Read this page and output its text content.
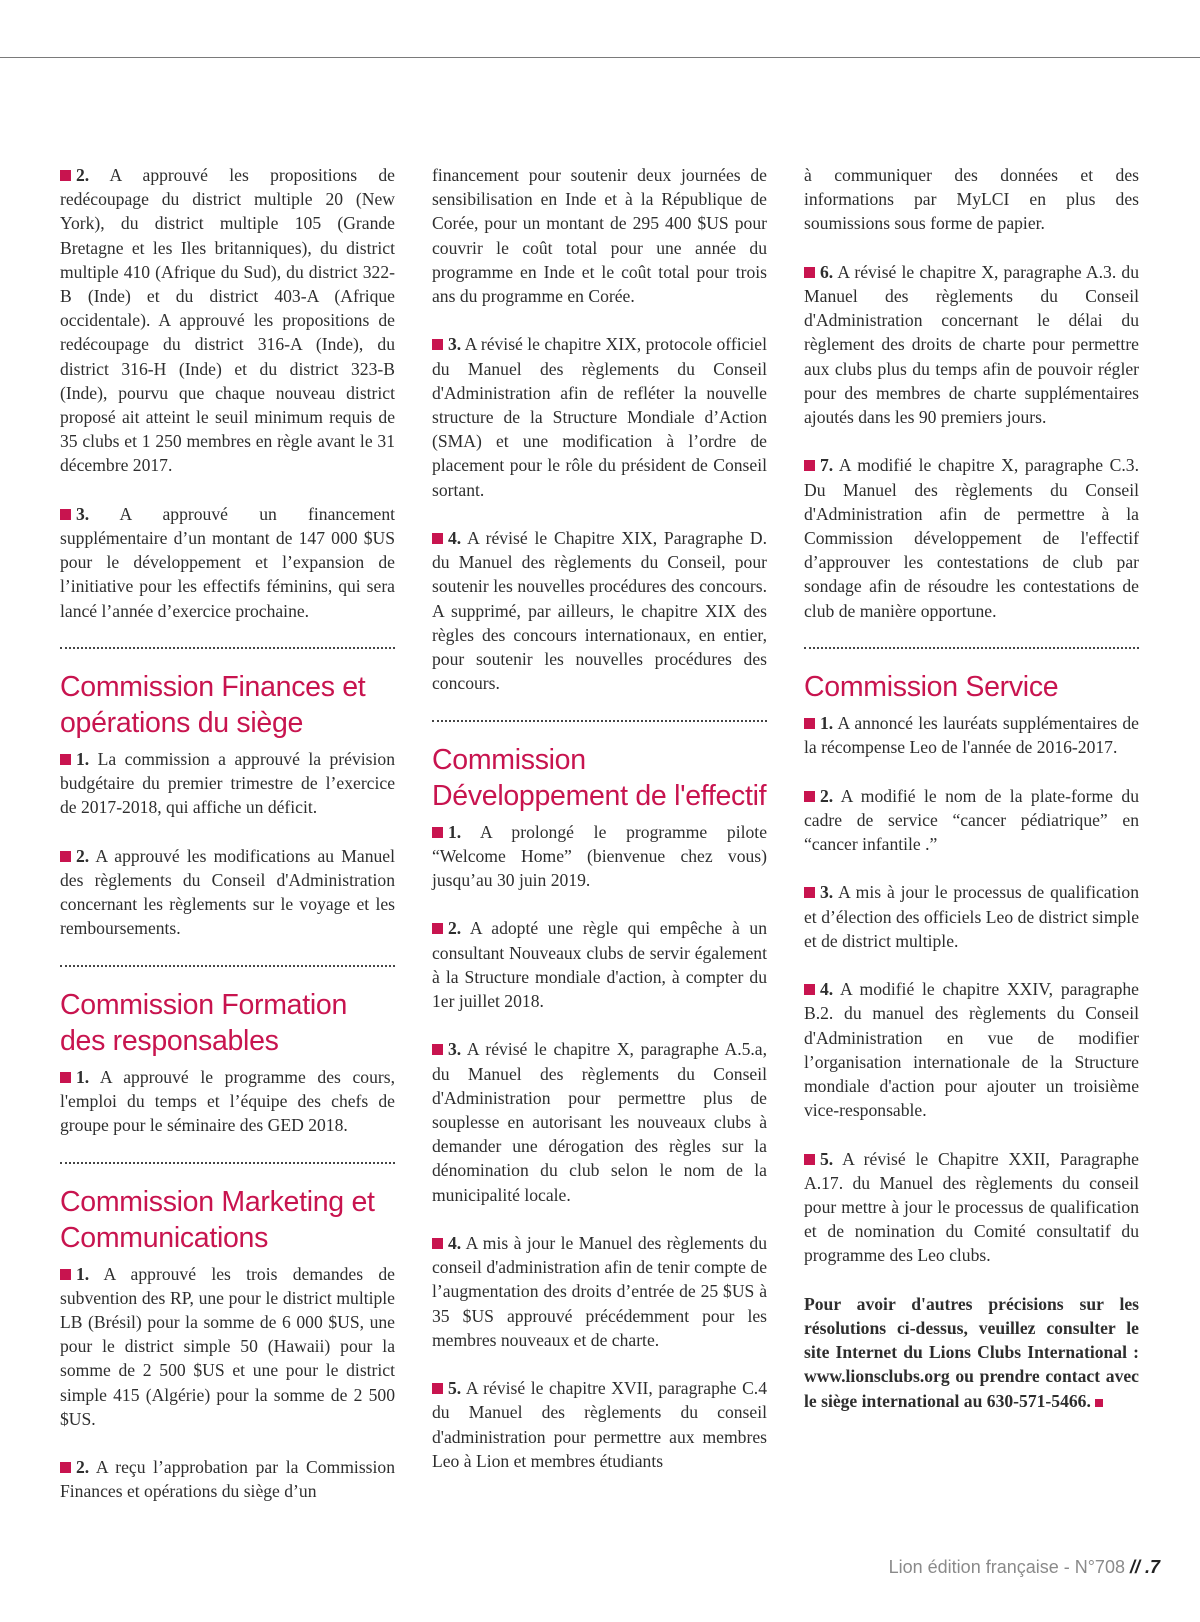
2. A approuvé les propositions de redécoupage du district multiple 20 (New York), du district multiple 105 (Grande Bretagne et les Iles britanniques), du district multiple 410 (Afrique du Sud), du district 322-B (Inde) et du district 403-A (Afrique occidentale). A approuvé les propositions de redécoupage du district 316-A (Inde), du district 316-H (Inde) et du district 323-B (Inde), pourvu que chaque nouveau district proposé ait atteint le seuil minimum requis de 35 clubs et 1 250 membres en règle avant le 31 décembre 2017.

3. A approuvé un financement supplémentaire d’un montant de 147 000 $US pour le développement et l’expansion de l’initiative pour les effectifs féminins, qui sera lancé l’année d’exercice prochaine.

Commission Finances et opérations du siège

1. La commission a approuvé la prévision budgétaire du premier trimestre de l’exercice de 2017-2018, qui affiche un déficit.

2. A approuvé les modifications au Manuel des règlements du Conseil d'Administration concernant les règlements sur le voyage et les remboursements.

Commission Formation des responsables

1. A approuvé le programme des cours, l'emploi du temps et l’équipe des chefs de groupe pour le séminaire des GED 2018.

Commission Marketing et Communications

1. A approuvé les trois demandes de subvention des RP, une pour le district multiple LB (Brésil) pour la somme de 6 000 $US, une pour le district simple 50 (Hawaii) pour la somme de 2 500 $US et une pour le district simple 415 (Algérie) pour la somme de 2 500 $US.

2. A reçu l’approbation par la Commission Finances et opérations du siège d’un

financement pour soutenir deux journées de sensibilisation en Inde et à la République de Corée, pour un montant de 295 400 $US pour couvrir le coût total pour une année du programme en Inde et le coût total pour trois ans du programme en Corée.

3. A révisé le chapitre XIX, protocole officiel du Manuel des règlements du Conseil d'Administration afin de refléter la nouvelle structure de la Structure Mondiale d’Action (SMA) et une modification à l’ordre de placement pour le rôle du président de Conseil sortant.

4. A révisé le Chapitre XIX, Paragraphe D. du Manuel des règlements du Conseil, pour soutenir les nouvelles procédures des concours. A supprimé, par ailleurs, le chapitre XIX des règles des concours internationaux, en entier, pour soutenir les nouvelles procédures des concours.

Commission Développement de l'effectif

1. A prolongé le programme pilote “Welcome Home” (bienvenue chez vous) jusqu’au 30 juin 2019.

2. A adopté une règle qui empêche à un consultant Nouveaux clubs de servir également à la Structure mondiale d'action, à compter du 1er juillet 2018.

3. A révisé le chapitre X, paragraphe A.5.a, du Manuel des règlements du Conseil d'Administration pour permettre plus de souplesse en autorisant les nouveaux clubs à demander une dérogation des règles sur la dénomination du club selon le nom de la municipalité locale.

4. A mis à jour le Manuel des règlements du conseil d'administration afin de tenir compte de l’augmentation des droits d’entrée de 25 $US à 35 $US approuvé précédemment pour les membres nouveaux et de charte.

5. A révisé le chapitre XVII, paragraphe C.4 du Manuel des règlements du conseil d'administration pour permettre aux membres Leo à Lion et membres étudiants

à communiquer des données et des informations par MyLCI en plus des soumissions sous forme de papier.

6. A révisé le chapitre X, paragraphe A.3. du Manuel des règlements du Conseil d'Administration concernant le délai du règlement des droits de charte pour permettre aux clubs plus du temps afin de pouvoir régler pour des membres de charte supplémentaires ajoutés dans les 90 premiers jours.

7. A modifié le chapitre X, paragraphe C.3. Du Manuel des règlements du Conseil d'Administration afin de permettre à la Commission développement de l'effectif d’approuver les contestations de club par sondage afin de résoudre les contestations de club de manière opportune.

Commission Service

1. A annoncé les lauréats supplémentaires de la récompense Leo de l'année de 2016-2017.

2. A modifié le nom de la plate-forme du cadre de service “cancer pédiatrique” en “cancer infantile .”

3. A mis à jour le processus de qualification et d’élection des officiels Leo de district simple et de district multiple.

4. A modifié le chapitre XXIV, paragraphe B.2. du manuel des règlements du Conseil d'Administration en vue de modifier l’organisation internationale de la Structure mondiale d'action pour ajouter un troisième vice-responsable.

5. A révisé le Chapitre XXII, Paragraphe A.17. du Manuel des règlements du conseil pour mettre à jour le processus de qualification et de nomination du Comité consultatif du programme des Leo clubs.

Pour avoir d'autres précisions sur les résolutions ci-dessus, veuillez consulter le site Internet du Lions Clubs International : www.lionsclubs.org ou prendre contact avec le siège international au 630-571-5466.

Lion édition française - N°708 // .7
